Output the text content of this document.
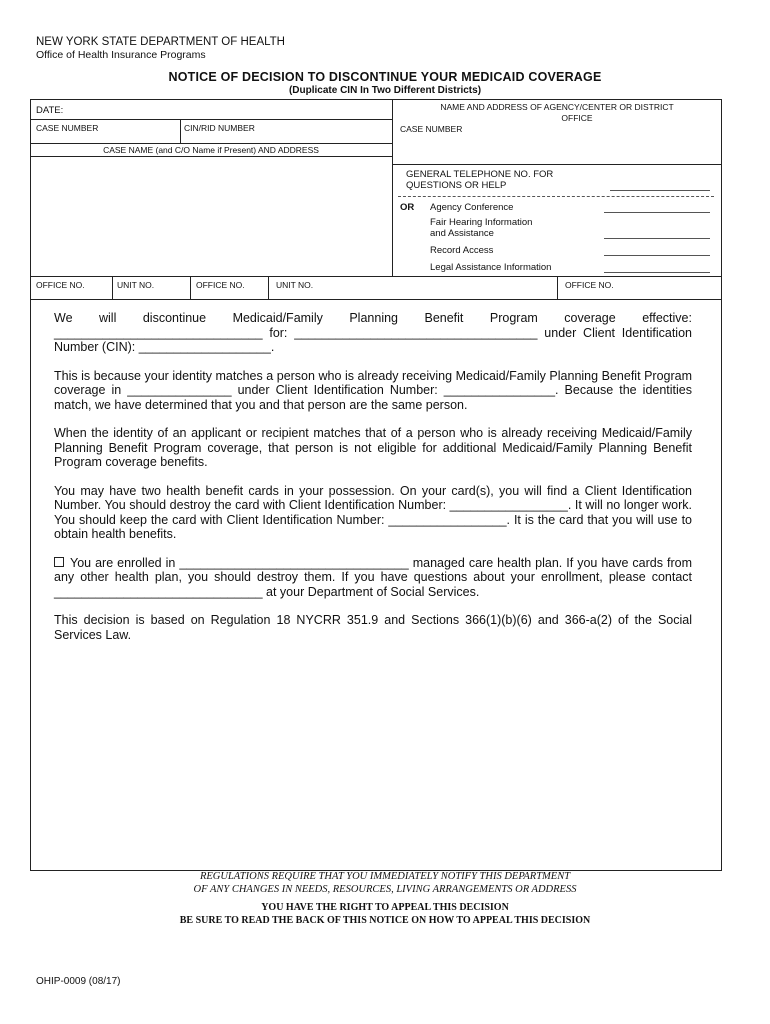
NEW YORK STATE DEPARTMENT OF HEALTH
Office of Health Insurance Programs
NOTICE OF DECISION TO DISCONTINUE YOUR MEDICAID COVERAGE
(Duplicate CIN In Two Different Districts)
DATE:
CASE NUMBER	CIN/RID NUMBER
CASE NAME (and C/O Name if Present) AND ADDRESS
NAME AND ADDRESS OF AGENCY/CENTER OR DISTRICT
OFFICE
CASE NUMBER
GENERAL TELEPHONE NO. FOR
QUESTIONS OR HELP
OR Agency Conference
Fair Hearing Information
and Assistance
Record Access
Legal Assistance Information
OFFICE NO.	UNIT NO.	OFFICE NO.	UNIT NO.	OFFICE NO.

We will discontinue Medicaid/Family Planning Benefit Program coverage effective: ______________________________ for: ___________________________________ under Client Identification Number (CIN): ___________________.

This is because your identity matches a person who is already receiving Medicaid/Family Planning Benefit Program coverage in _______________ under Client Identification Number: ________________. Because the identities match, we have determined that you and that person are the same person.

When the identity of an applicant or recipient matches that of a person who is already receiving Medicaid/Family Planning Benefit Program coverage, that person is not eligible for additional Medicaid/Family Planning Benefit Program coverage benefits.

You may have two health benefit cards in your possession. On your card(s), you will find a Client Identification Number. You should destroy the card with Client Identification Number: _________________. It will no longer work. You should keep the card with Client Identification Number: _________________. It is the card that you will use to obtain health benefits.

You are enrolled in _________________________________ managed care health plan. If you have cards from any other health plan, you should destroy them. If you have questions about your enrollment, please contact ______________________________ at your Department of Social Services.

This decision is based on Regulation 18 NYCRR 351.9 and Sections 366(1)(b)(6) and 366-a(2) of the Social Services Law.

REGULATIONS REQUIRE THAT YOU IMMEDIATELY NOTIFY THIS DEPARTMENT
OF ANY CHANGES IN NEEDS, RESOURCES, LIVING ARRANGEMENTS OR ADDRESS
YOU HAVE THE RIGHT TO APPEAL THIS DECISION
BE SURE TO READ THE BACK OF THIS NOTICE ON HOW TO APPEAL THIS DECISION
OHIP-0009 (08/17)
